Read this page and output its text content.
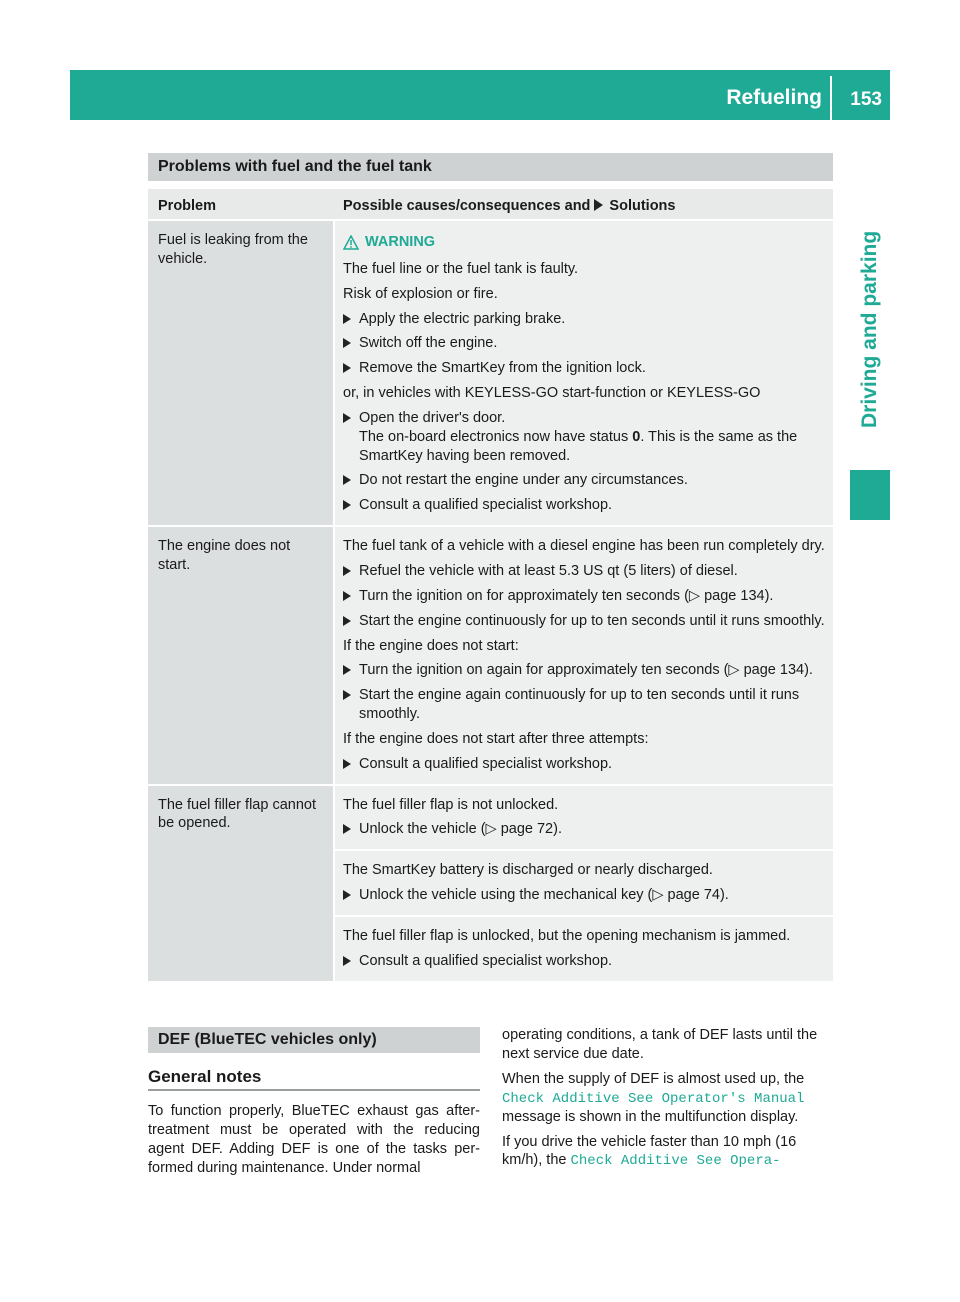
Refueling 153
Driving and parking
Problems with fuel and the fuel tank
Problem	Possible causes/consequences and Solutions
Fuel is leaking from the vehicle.
WARNING

The fuel line or the fuel tank is faulty.

Risk of explosion or fire.

Apply the electric parking brake.
Switch off the engine.
Remove the SmartKey from the ignition lock.

or, in vehicles with KEYLESS-GO start-function or KEYLESS-GO

Open the driver's door.
The on-board electronics now have status 0. This is the same as the SmartKey having been removed.
Do not restart the engine under any circumstances.
Consult a qualified specialist workshop.
The engine does not start.

The fuel tank of a vehicle with a diesel engine has been run completely dry.

Refuel the vehicle with at least 5.3 US qt (5 liters) of diesel.
Turn the ignition on for approximately ten seconds (▷ page 134).
Start the engine continuously for up to ten seconds until it runs smoothly.

If the engine does not start:

Turn the ignition on again for approximately ten seconds (▷ page 134).
Start the engine again continuously for up to ten seconds until it runs smoothly.

If the engine does not start after three attempts:

Consult a qualified specialist workshop.
The fuel filler flap cannot be opened.

The fuel filler flap is not unlocked.

Unlock the vehicle (▷ page 72).

The SmartKey battery is discharged or nearly discharged.

Unlock the vehicle using the mechanical key (▷ page 74).

The fuel filler flap is unlocked, but the opening mechanism is jammed.

Consult a qualified specialist workshop.
DEF (BlueTEC vehicles only)
General notes

To function properly, BlueTEC exhaust gas after-treatment must be operated with the reducing agent DEF. Adding DEF is one of the tasks per-formed during maintenance. Under normal

operating conditions, a tank of DEF lasts until the next service due date.

When the supply of DEF is almost used up, the Check Additive See Operator's Manual message is shown in the multifunction display.

If you drive the vehicle faster than 10 mph (16 km/h), the Check Additive See Opera‐
